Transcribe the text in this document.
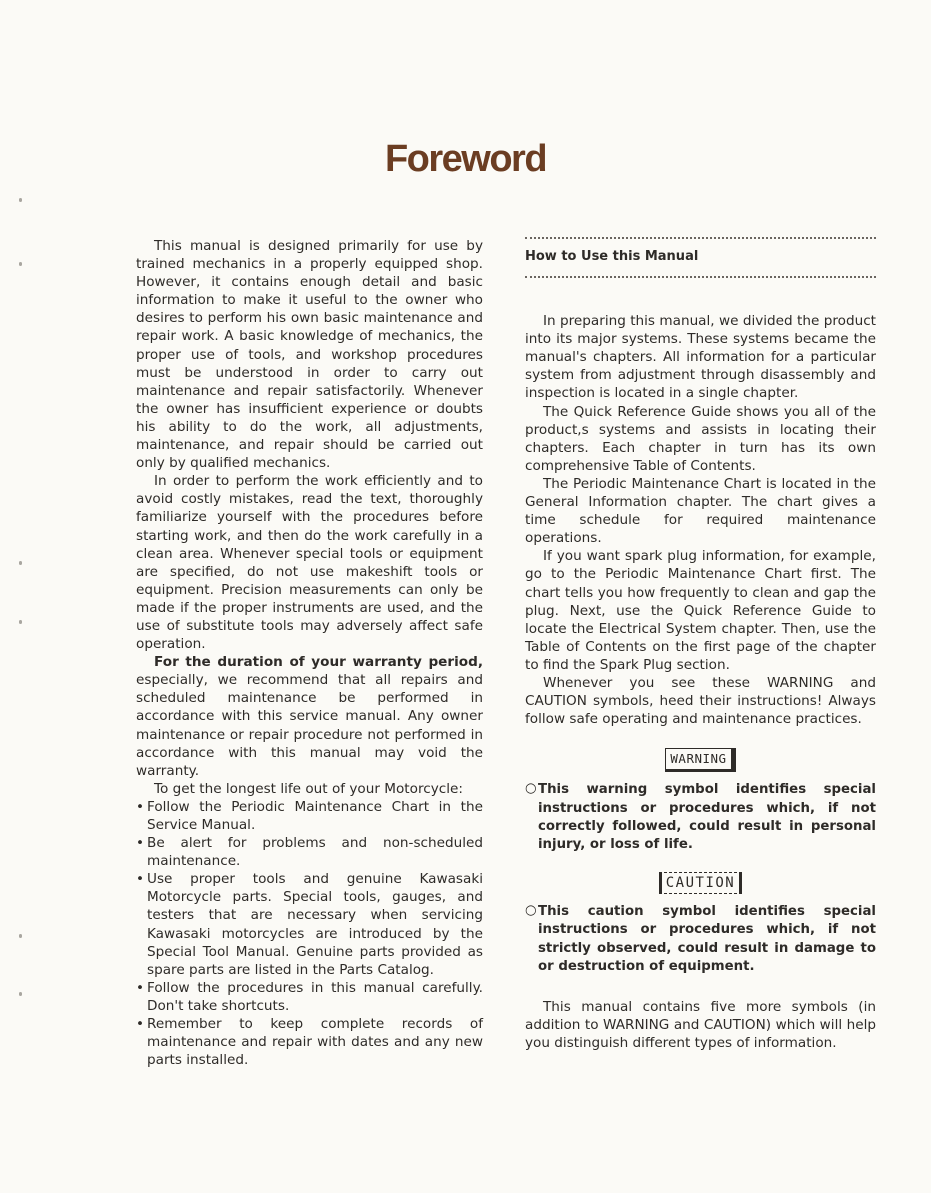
Foreword

This manual is designed primarily for use by trained mechanics in a properly equipped shop. However, it contains enough detail and basic information to make it useful to the owner who desires to perform his own basic maintenance and repair work. A basic knowledge of mechanics, the proper use of tools, and workshop procedures must be understood in order to carry out maintenance and repair satisfactorily. Whenever the owner has insufficient experience or doubts his ability to do the work, all adjustments, maintenance, and repair should be carried out only by qualified mechanics.

In order to perform the work efficiently and to avoid costly mistakes, read the text, thoroughly familiarize yourself with the procedures before starting work, and then do the work carefully in a clean area. Whenever special tools or equipment are specified, do not use makeshift tools or equipment. Precision measurements can only be made if the proper instruments are used, and the use of substitute tools may adversely affect safe operation.

For the duration of your warranty period, especially, we recommend that all repairs and scheduled maintenance be performed in accordance with this service manual. Any owner maintenance or repair procedure not performed in accordance with this manual may void the warranty.

To get the longest life out of your Motorcycle:

• Follow the Periodic Maintenance Chart in the Service Manual.
• Be alert for problems and non-scheduled maintenance.
• Use proper tools and genuine Kawasaki Motorcycle parts. Special tools, gauges, and testers that are necessary when servicing Kawasaki motorcycles are introduced by the Special Tool Manual. Genuine parts provided as spare parts are listed in the Parts Catalog.
• Follow the procedures in this manual carefully. Don't take shortcuts.
• Remember to keep complete records of maintenance and repair with dates and any new parts installed.
How to Use this Manual

In preparing this manual, we divided the product into its major systems. These systems became the manual's chapters. All information for a particular system from adjustment through disassembly and inspection is located in a single chapter.

The Quick Reference Guide shows you all of the product,s systems and assists in locating their chapters. Each chapter in turn has its own comprehensive Table of Contents.

The Periodic Maintenance Chart is located in the General Information chapter. The chart gives a time schedule for required maintenance operations.

If you want spark plug information, for example, go to the Periodic Maintenance Chart first. The chart tells you how frequently to clean and gap the plug. Next, use the Quick Reference Guide to locate the Electrical System chapter. Then, use the Table of Contents on the first page of the chapter to find the Spark Plug section.

Whenever you see these WARNING and CAUTION symbols, heed their instructions! Always follow safe operating and maintenance practices.

WARNING
○ This warning symbol identifies special instructions or procedures which, if not correctly followed, could result in personal injury, or loss of life.
CAUTION
○ This caution symbol identifies special instructions or procedures which, if not strictly observed, could result in damage to or destruction of equipment.

This manual contains five more symbols (in addition to WARNING and CAUTION) which will help you distinguish different types of information.
